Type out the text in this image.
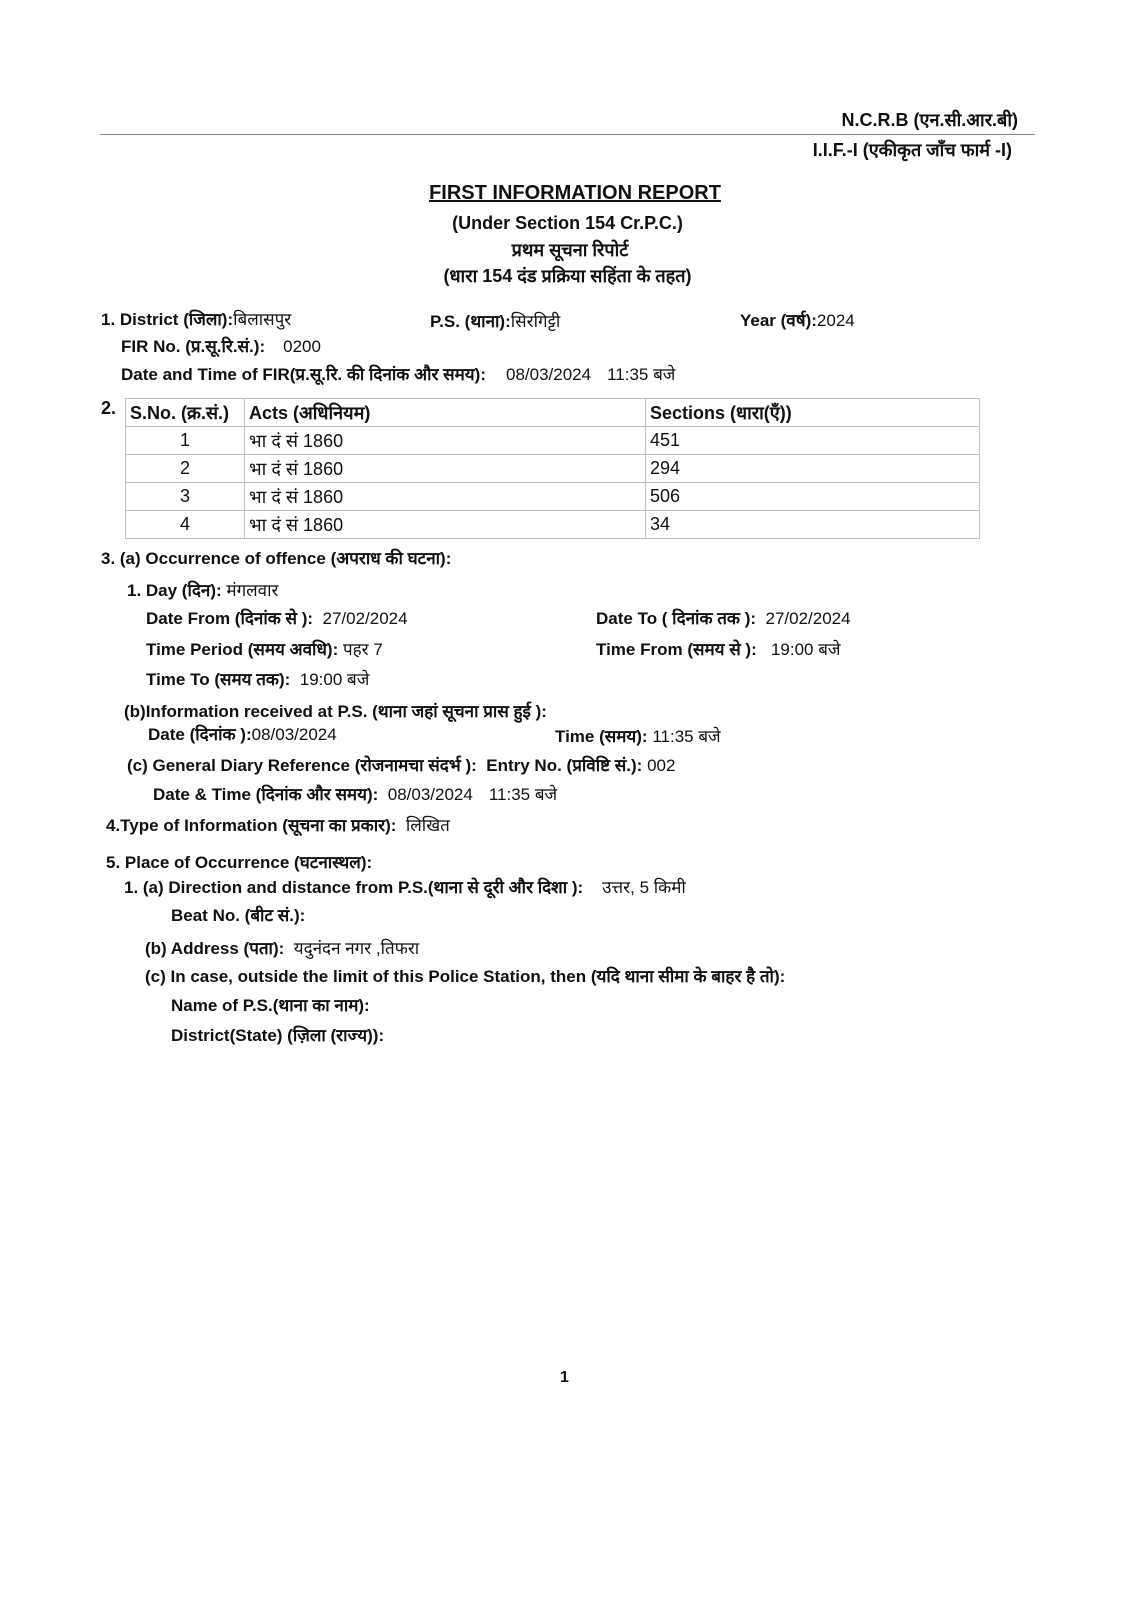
N.C.R.B (एन.सी.आर.बी)
I.I.F.-I (एकीकृत जाँच फार्म -I)
FIRST INFORMATION REPORT
(Under Section 154 Cr.P.C.)
प्रथम सूचना रिपोर्ट
(धारा 154 दंड प्रक्रिया सहिंता के तहत)
1. District (जिला):बिलासपुर	P.S. (थाना):सिरगिट्टी	Year (वर्ष):2024
FIR No. (प्र.सू.रि.सं.): 0200
Date and Time of FIR(प्र.सू.रि. की दिनांक और समय): 08/03/2024 11:35 बजे
2. S.No. (क्र.सं.)	Acts (अधिनियम)	Sections (धारा(एँ))
1	भा दं सं 1860	451
2	भा दं सं 1860	294
3	भा दं सं 1860	506
4	भा दं सं 1860	34
3. (a) Occurrence of offence (अपराध की घटना):
1. Day (दिन): मंगलवार
Date From (दिनांक से ): 27/02/2024	Date To ( दिनांक तक ): 27/02/2024
Time Period (समय अवधि): पहर 7	Time From (समय से ): 19:00 बजे
Time To (समय तक): 19:00 बजे
(b)Information received at P.S. (थाना जहां सूचना प्रास हुई ):
Date (दिनांक ):08/03/2024	Time (समय): 11:35 बजे
(c) General Diary Reference (रोजनामचा संदर्भ ): Entry No. (प्रविष्टि सं.): 002
Date & Time (दिनांक और समय): 08/03/2024 11:35 बजे
4.Type of Information (सूचना का प्रकार): लिखित
5. Place of Occurrence (घटनास्थल):
1. (a) Direction and distance from P.S.(थाना से दूरी और दिशा ): उत्तर, 5 किमी
Beat No. (बीट सं.):
(b) Address (पता): यदुनंदन नगर ,तिफरा
(c) In case, outside the limit of this Police Station, then (यदि थाना सीमा के बाहर है तो):
Name of P.S.(थाना का नाम):
District(State) (ज़िला (राज्य)):
1
